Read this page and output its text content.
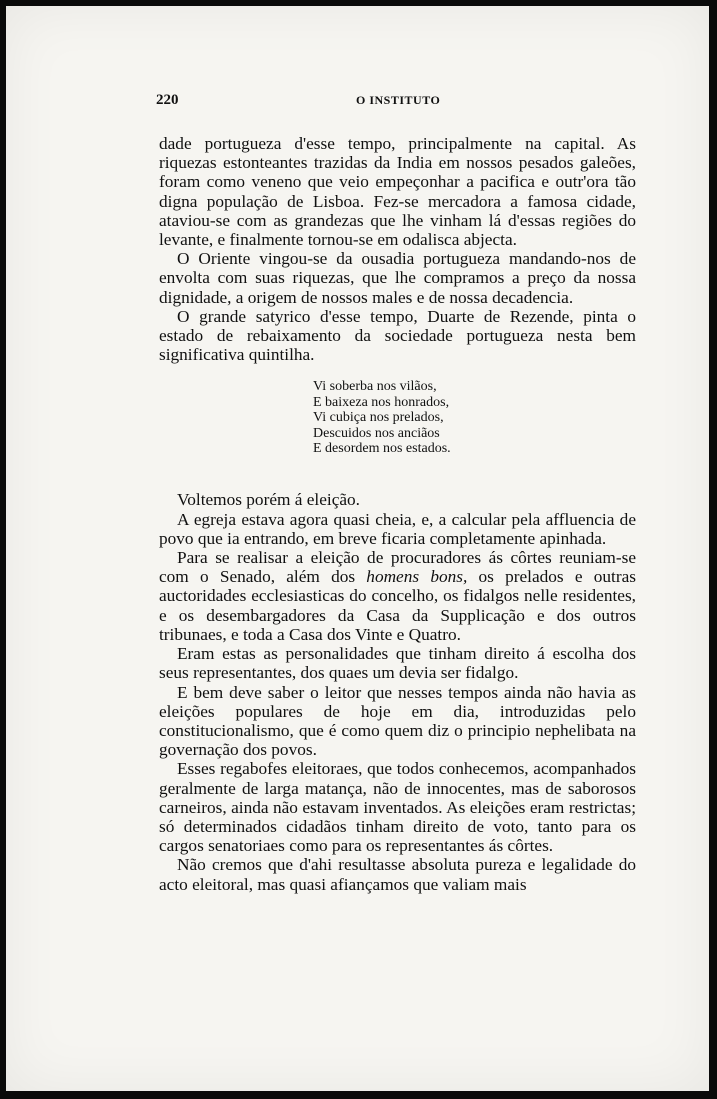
220	O INSTITUTO

dade portugueza d'esse tempo, principalmente na capital. As riquezas estonteantes trazidas da India em nossos pesados galeões, foram como veneno que veio empeçonhar a pacifica e outr'ora tão digna população de Lisboa. Fez-se mercadora a famosa cidade, ataviou-se com as grandezas que lhe vinham lá d'essas regiões do levante, e finalmente tornou-se em odalisca abjecta.

O Oriente vingou-se da ousadia portugueza mandando-nos de envolta com suas riquezas, que lhe compramos a preço da nossa dignidade, a origem de nossos males e de nossa decadencia.

O grande satyrico d'esse tempo, Duarte de Rezende, pinta o estado de rebaixamento da sociedade portugueza nesta bem significativa quintilha.

Vi soberba nos vilãos,
E baixeza nos honrados,
Vi cubiça nos prelados,
Descuidos nos anciãos
E desordem nos estados.

Voltemos porém á eleição.

A egreja estava agora quasi cheia, e, a calcular pela affluencia de povo que ia entrando, em breve ficaria completamente apinhada.

Para se realisar a eleição de procuradores ás côrtes reuniam-se com o Senado, além dos homens bons, os prelados e outras auctoridades ecclesiasticas do concelho, os fidalgos nelle residentes, e os desembargadores da Casa da Supplicação e dos outros tribunaes, e toda a Casa dos Vinte e Quatro.

Eram estas as personalidades que tinham direito á escolha dos seus representantes, dos quaes um devia ser fidalgo.

E bem deve saber o leitor que nesses tempos ainda não havia as eleições populares de hoje em dia, introduzidas pelo constitucionalismo, que é como quem diz o principio nephelibata na governação dos povos.

Esses regabofes eleitoraes, que todos conhecemos, acompanhados geralmente de larga matança, não de innocentes, mas de saborosos carneiros, ainda não estavam inventados. As eleições eram restrictas; só determinados cidadãos tinham direito de voto, tanto para os cargos senatoriaes como para os representantes ás côrtes.

Não cremos que d'ahi resultasse absoluta pureza e legalidade do acto eleitoral, mas quasi afiançamos que valiam mais
